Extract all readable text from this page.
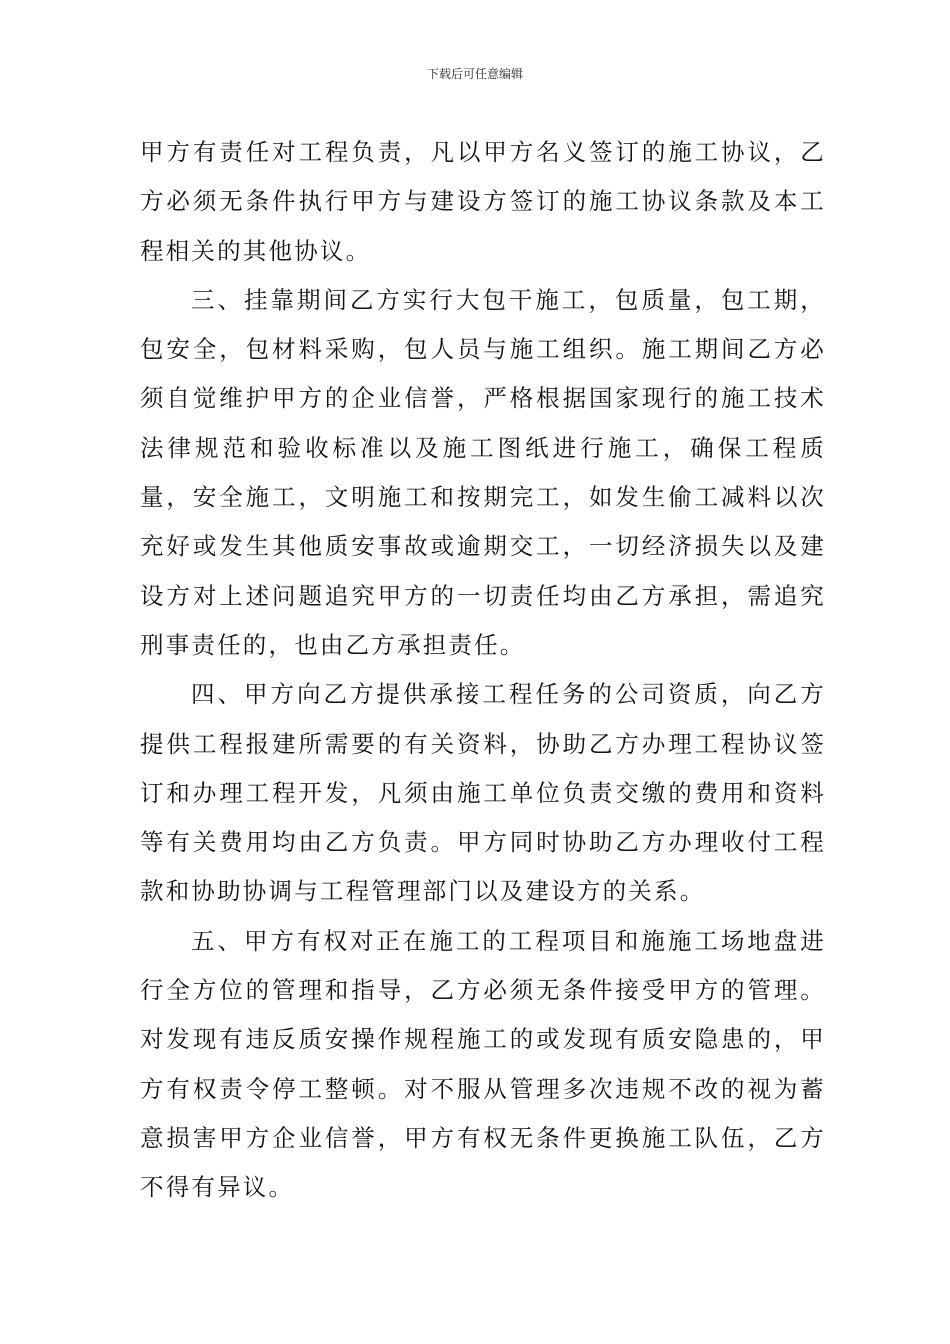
下载后可任意编辑

甲方有责任对工程负责，凡以甲方名义签订的施工协议，乙方必须无条件执行甲方与建设方签订的施工协议条款及本工程相关的其他协议。

三、挂靠期间乙方实行大包干施工，包质量，包工期，包安全，包材料采购，包人员与施工组织。施工期间乙方必须自觉维护甲方的企业信誉，严格根据国家现行的施工技术法律规范和验收标准以及施工图纸进行施工，确保工程质量，安全施工，文明施工和按期完工，如发生偷工减料以次充好或发生其他质安事故或逾期交工，一切经济损失以及建设方对上述问题追究甲方的一切责任均由乙方承担，需追究刑事责任的，也由乙方承担责任。

四、甲方向乙方提供承接工程任务的公司资质，向乙方提供工程报建所需要的有关资料，协助乙方办理工程协议签订和办理工程开发，凡须由施工单位负责交缴的费用和资料等有关费用均由乙方负责。甲方同时协助乙方办理收付工程款和协助协调与工程管理部门以及建设方的关系。

五、甲方有权对正在施工的工程项目和施施工场地盘进行全方位的管理和指导，乙方必须无条件接受甲方的管理。对发现有违反质安操作规程施工的或发现有质安隐患的，甲方有权责令停工整顿。对不服从管理多次违规不改的视为蓄意损害甲方企业信誉，甲方有权无条件更换施工队伍，乙方不得有异议。
